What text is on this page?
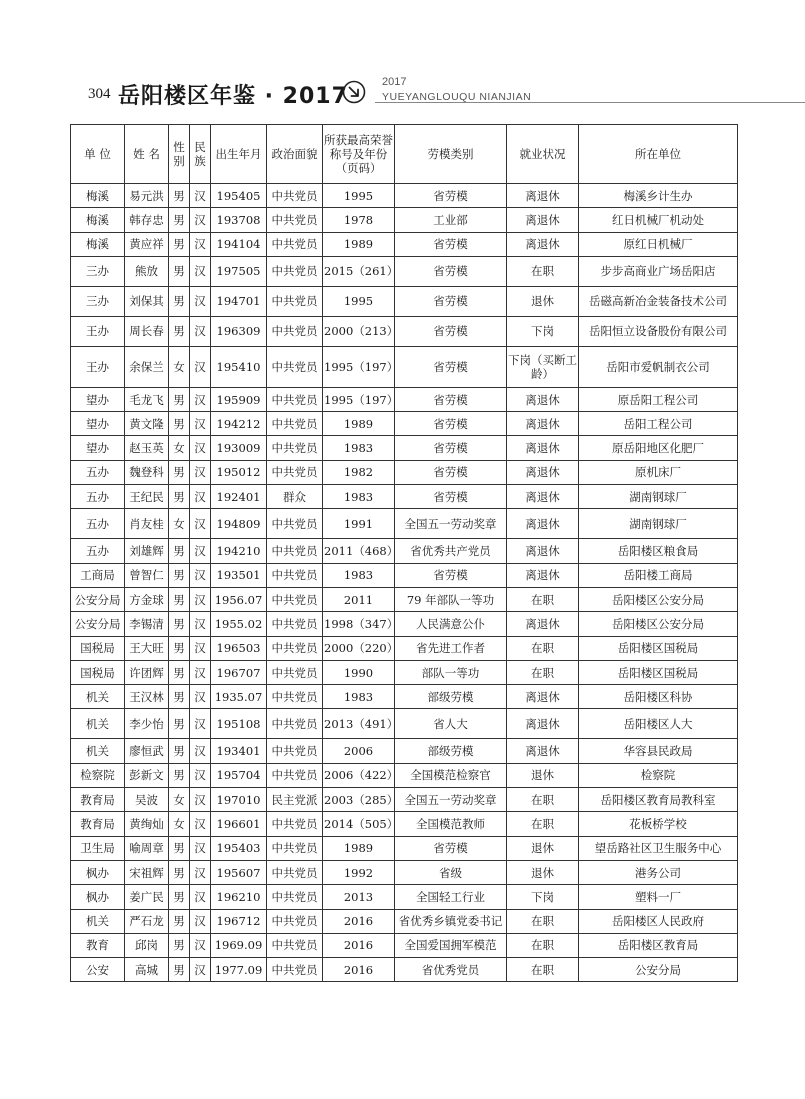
304 岳阳楼区年鉴 · 2017
2017
YUEYANGLOUQU NIANJIAN
单 位	姓 名	性别	民族	出生年月	政治面貌	所获最高荣誉称号及年份（页码）	劳模类别	就业状况	所在单位
梅溪	易元洪	男	汉	195405	中共党员	1995	省劳模	离退休	梅溪乡计生办
梅溪	韩存忠	男	汉	193708	中共党员	1978	工业部	离退休	红日机械厂机动处
梅溪	黄应祥	男	汉	194104	中共党员	1989	省劳模	离退休	原红日机械厂
三办	熊放	男	汉	197505	中共党员	2015（261）	省劳模	在职	步步高商业广场岳阳店
三办	刘保其	男	汉	194701	中共党员	1995	省劳模	退休	岳磁高新冶金装备技术公司
王办	周长春	男	汉	196309	中共党员	2000（213）	省劳模	下岗	岳阳恒立设备股份有限公司
王办	余保兰	女	汉	195410	中共党员	1995（197）	省劳模	下岗（买断工龄）	岳阳市爱帆制衣公司
望办	毛龙飞	男	汉	195909	中共党员	1995（197）	省劳模	离退休	原岳阳工程公司
望办	黄文隆	男	汉	194212	中共党员	1989	省劳模	离退休	岳阳工程公司
望办	赵玉英	女	汉	193009	中共党员	1983	省劳模	离退休	原岳阳地区化肥厂
五办	魏登科	男	汉	195012	中共党员	1982	省劳模	离退休	原机床厂
五办	王纪民	男	汉	192401	群众	1983	省劳模	离退休	湖南钢球厂
五办	肖友桂	女	汉	194809	中共党员	1991	全国五一劳动奖章	离退休	湖南钢球厂
五办	刘雄辉	男	汉	194210	中共党员	2011（468）	省优秀共产党员	离退休	岳阳楼区粮食局
工商局	曾智仁	男	汉	193501	中共党员	1983	省劳模	离退休	岳阳楼工商局
公安分局	方金球	男	汉	1956.07	中共党员	2011	79 年部队一等功	在职	岳阳楼区公安分局
公安分局	李锡清	男	汉	1955.02	中共党员	1998（347）	人民满意公仆	离退休	岳阳楼区公安分局
国税局	王大旺	男	汉	196503	中共党员	2000（220）	省先进工作者	在职	岳阳楼区国税局
国税局	许团辉	男	汉	196707	中共党员	1990	部队一等功	在职	岳阳楼区国税局
机关	王汉林	男	汉	1935.07	中共党员	1983	部级劳模	离退休	岳阳楼区科协
机关	李少怡	男	汉	195108	中共党员	2013（491）	省人大	离退休	岳阳楼区人大
机关	廖恒武	男	汉	193401	中共党员	2006	部级劳模	离退休	华容县民政局
检察院	彭新文	男	汉	195704	中共党员	2006（422）	全国模范检察官	退休	检察院
教育局	吴波	女	汉	197010	民主党派	2003（285）	全国五一劳动奖章	在职	岳阳楼区教育局教科室
教育局	黄绚灿	女	汉	196601	中共党员	2014（505）	全国模范教师	在职	花板桥学校
卫生局	喻周章	男	汉	195403	中共党员	1989	省劳模	退休	望岳路社区卫生服务中心
枫办	宋祖辉	男	汉	195607	中共党员	1992	省级	退休	港务公司
枫办	姜广民	男	汉	196210	中共党员	2013	全国轻工行业	下岗	塑料一厂
机关	严石龙	男	汉	196712	中共党员	2016	省优秀乡镇党委书记	在职	岳阳楼区人民政府
教育	邱岗	男	汉	1969.09	中共党员	2016	全国爱国拥军模范	在职	岳阳楼区教育局
公安	高城	男	汉	1977.09	中共党员	2016	省优秀党员	在职	公安分局
